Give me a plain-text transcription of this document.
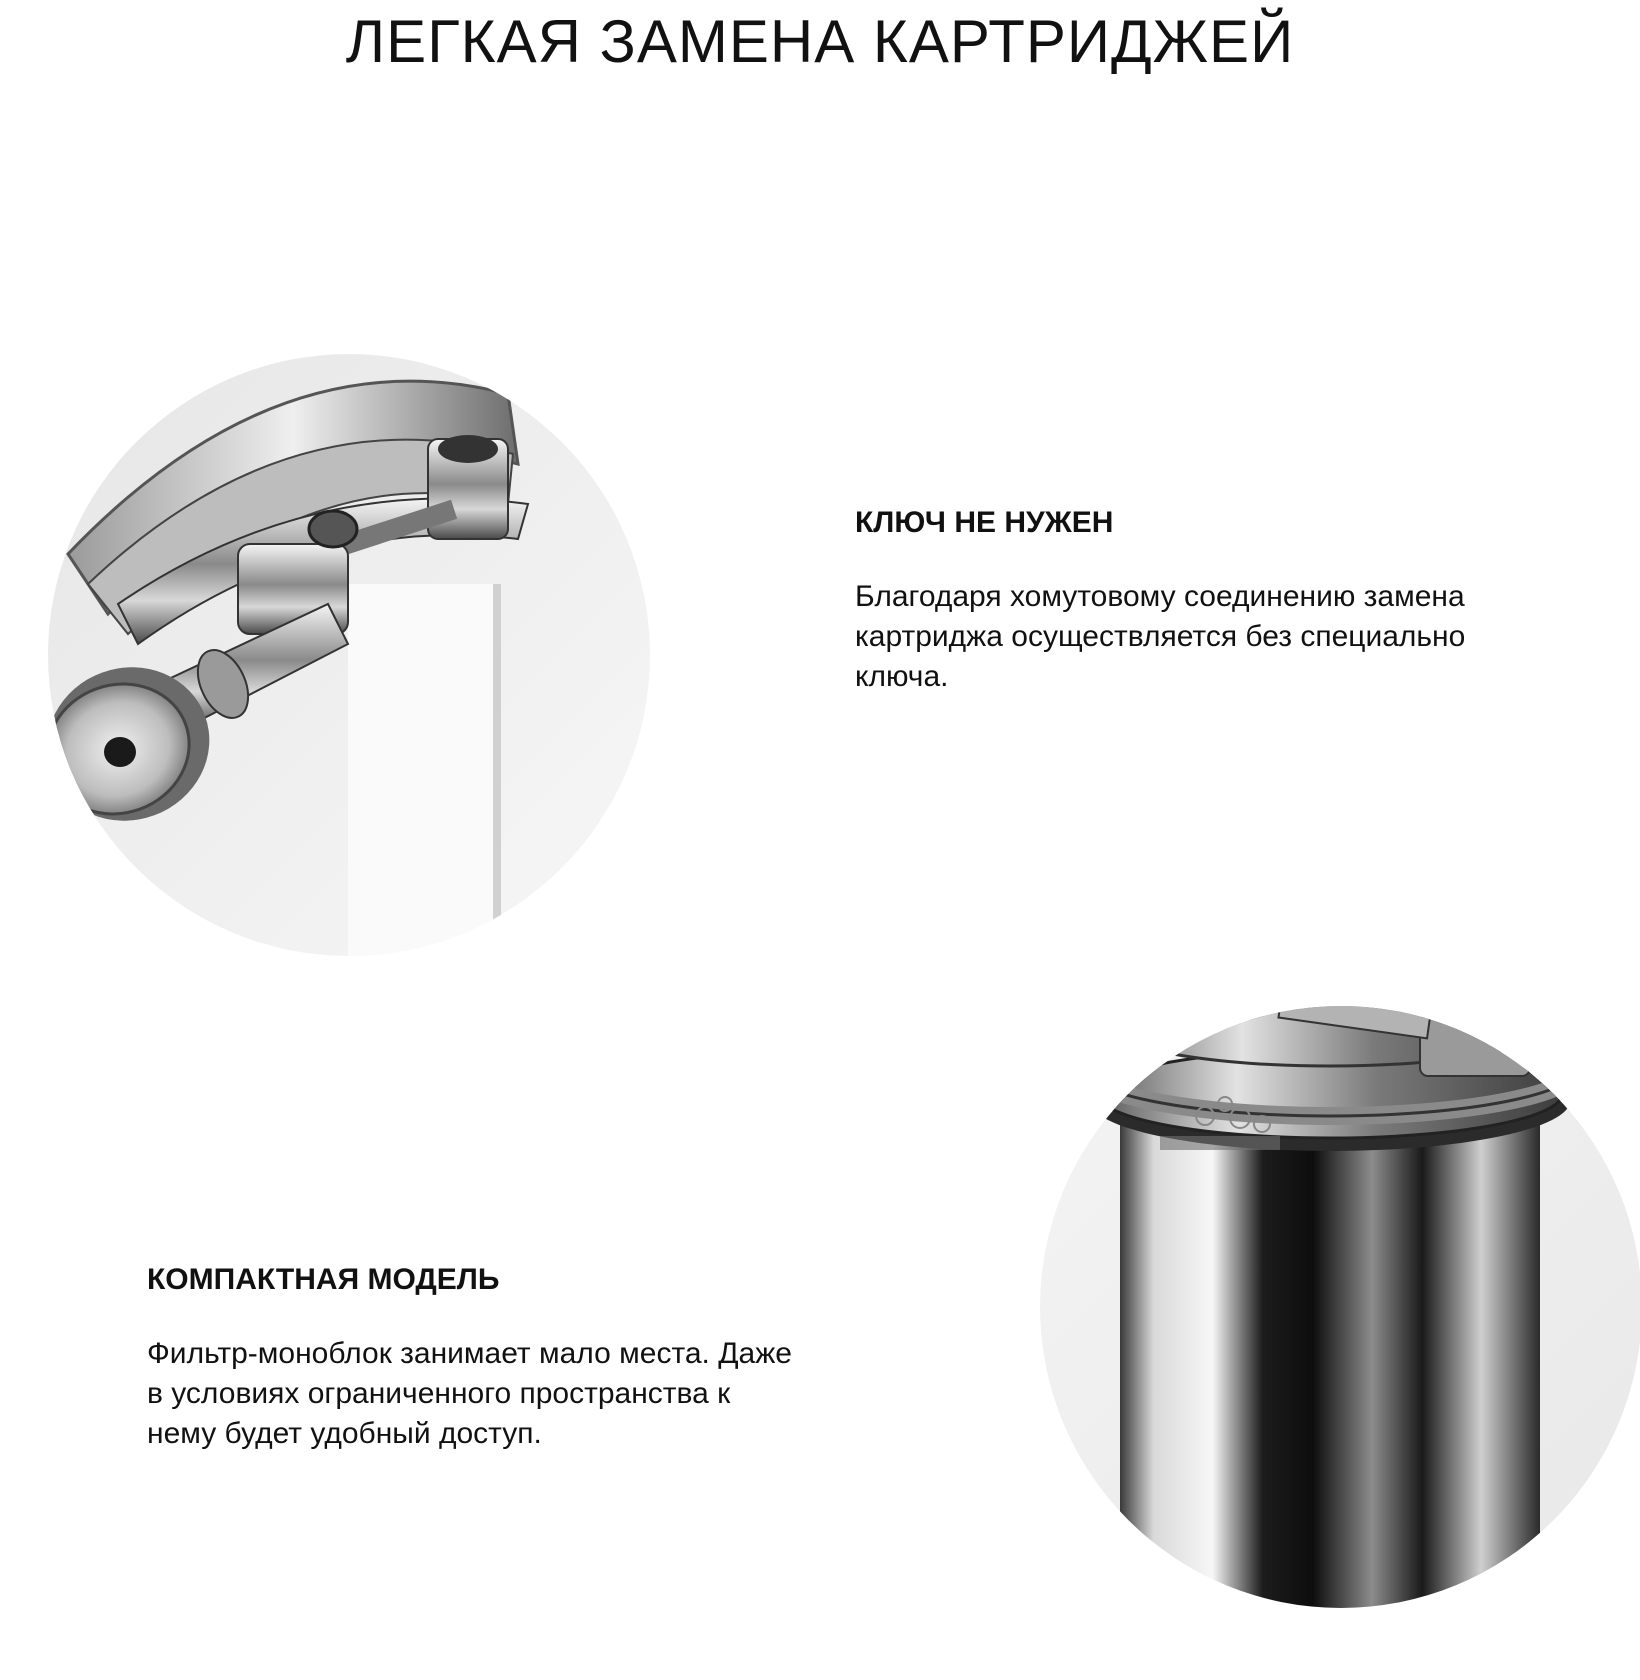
ЛЕГКАЯ ЗАМЕНА КАРТРИДЖЕЙ
КЛЮЧ НЕ НУЖЕН

Благодаря хомутовому соединению замена картриджа осуществляется без специально ключа.

КОМПАКТНАЯ МОДЕЛЬ

Фильтр-моноблок занимает мало места. Даже в условиях ограниченного пространства к нему будет удобный доступ.
